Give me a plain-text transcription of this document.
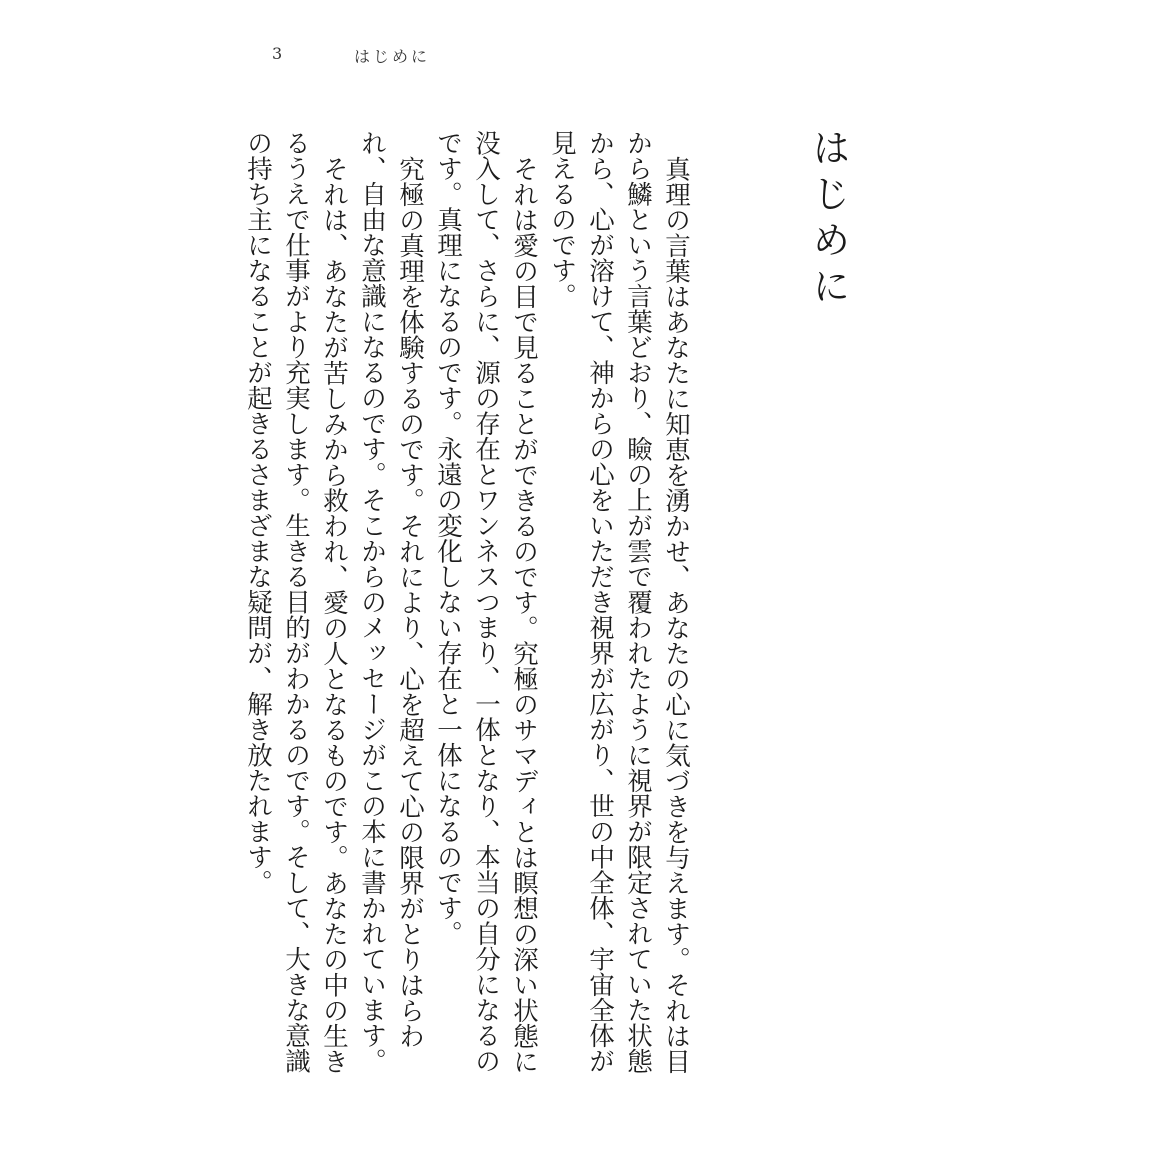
3	はじめに
はじめに

真理の言葉はあなたに知恵を湧かせ、あなたの心に気づきを与えます。それは目から鱗という言葉どおり、瞼の上が雲で覆われたように視界が限定されていた状態から、心が溶けて、神からの心をいただき視界が広がり、世の中全体、宇宙全体が見えるのです。

それは愛の目で見ることができるのです。究極のサマディとは瞑想の深い状態に没入して、さらに、源の存在とワンネスつまり、一体となり、本当の自分になるのです。真理になるのです。永遠の変化しない存在と一体になるのです。

究極の真理を体験するのです。それにより、心を超えて心の限界がとりはらわれ、自由な意識になるのです。そこからのメッセージがこの本に書かれています。

それは、あなたが苦しみから救われ、愛の人となるものです。あなたの中の生きるうえで仕事がより充実します。生きる目的がわかるのです。そして、大きな意識の持ち主になることが起きるさまざまな疑問が、解き放たれます。
